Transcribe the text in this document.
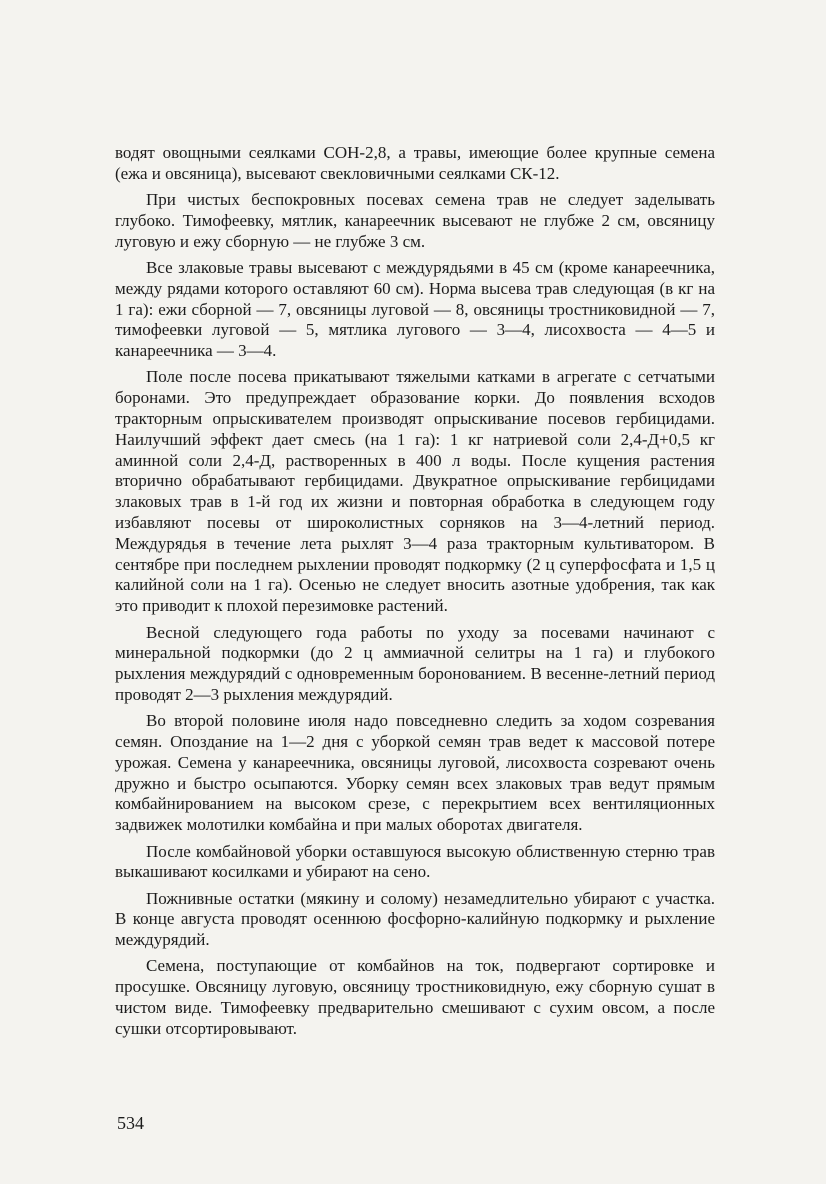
водят овощными сеялками СОН-2,8, а травы, имеющие более крупные семена (ежа и овсяница), высевают свекловичными сеялками СК-12.

При чистых беспокровных посевах семена трав не следует заделывать глубоко. Тимофеевку, мятлик, канареечник высевают не глубже 2 см, овсяницу луговую и ежу сборную — не глубже 3 см.

Все злаковые травы высевают с междурядьями в 45 см (кроме канареечника, между рядами которого оставляют 60 см). Норма высева трав следующая (в кг на 1 га): ежи сборной — 7, овсяницы луговой — 8, овсяницы тростниковидной — 7, тимофеевки луговой — 5, мятлика лугового — 3—4, лисохвоста — 4—5 и канареечника — 3—4.

Поле после посева прикатывают тяжелыми катками в агрегате с сетчатыми боронами. Это предупреждает образование корки. До появления всходов тракторным опрыскивателем производят опрыскивание посевов гербицидами. Наилучший эффект дает смесь (на 1 га): 1 кг натриевой соли 2,4-Д+0,5 кг аминной соли 2,4-Д, растворенных в 400 л воды. После кущения растения вторично обрабатывают гербицидами. Двукратное опрыскивание гербицидами злаковых трав в 1-й год их жизни и повторная обработка в следующем году избавляют посевы от широколистных сорняков на 3—4-летний период. Междурядья в течение лета рыхлят 3—4 раза тракторным культиватором. В сентябре при последнем рыхлении проводят подкормку (2 ц суперфосфата и 1,5 ц калийной соли на 1 га). Осенью не следует вносить азотные удобрения, так как это приводит к плохой перезимовке растений.

Весной следующего года работы по уходу за посевами начинают с минеральной подкормки (до 2 ц аммиачной селитры на 1 га) и глубокого рыхления междурядий с одновременным боронованием. В весенне-летний период проводят 2—3 рыхления междурядий.

Во второй половине июля надо повседневно следить за ходом созревания семян. Опоздание на 1—2 дня с уборкой семян трав ведет к массовой потере урожая. Семена у канареечника, овсяницы луговой, лисохвоста созревают очень дружно и быстро осыпаются. Уборку семян всех злаковых трав ведут прямым комбайнированием на высоком срезе, с перекрытием всех вентиляционных задвижек молотилки комбайна и при малых оборотах двигателя.

После комбайновой уборки оставшуюся высокую облиственную стерню трав выкашивают косилками и убирают на сено.

Пожнивные остатки (мякину и солому) незамедлительно убирают с участка. В конце августа проводят осеннюю фосфорно-калийную подкормку и рыхление междурядий.

Семена, поступающие от комбайнов на ток, подвергают сортировке и просушке. Овсяницу луговую, овсяницу тростниковидную, ежу сборную сушат в чистом виде. Тимофеевку предварительно смешивают с сухим овсом, а после сушки отсортировывают.

534
